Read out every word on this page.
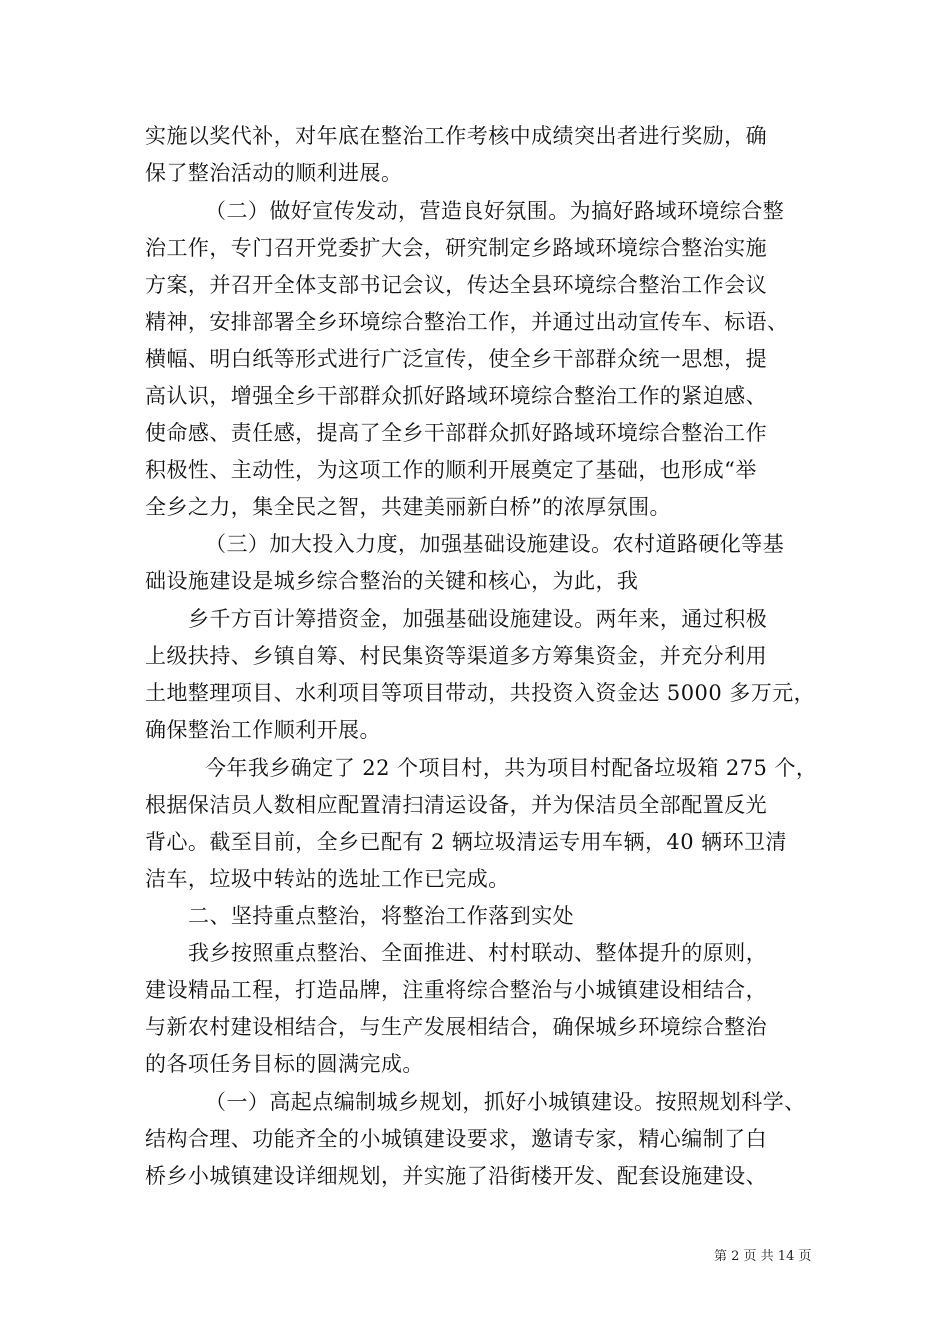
实施以奖代补，对年底在整治工作考核中成绩突出者进行奖励，确
保了整治活动的顺利进展。
（二）做好宣传发动，营造良好氛围。为搞好路域环境综合整
治工作，专门召开党委扩大会，研究制定乡路域环境综合整治实施
方案，并召开全体支部书记会议，传达全县环境综合整治工作会议
精神，安排部署全乡环境综合整治工作，并通过出动宣传车、标语、
横幅、明白纸等形式进行广泛宣传，使全乡干部群众统一思想，提
高认识，增强全乡干部群众抓好路域环境综合整治工作的紧迫感、
使命感、责任感，提高了全乡干部群众抓好路域环境综合整治工作
积极性、主动性，为这项工作的顺利开展奠定了基础，也形成“举
全乡之力，集全民之智，共建美丽新白桥”的浓厚氛围。
（三）加大投入力度，加强基础设施建设。农村道路硬化等基
础设施建设是城乡综合整治的关键和核心，为此，我
乡千方百计筹措资金，加强基础设施建设。两年来，通过积极
上级扶持、乡镇自筹、村民集资等渠道多方筹集资金，并充分利用
土地整理项目、水利项目等项目带动，共投资入资金达 5000 多万元，
确保整治工作顺利开展。
今年我乡确定了 22 个项目村，共为项目村配备垃圾箱 275 个，
根据保洁员人数相应配置清扫清运设备，并为保洁员全部配置反光
背心。截至目前，全乡已配有 2 辆垃圾清运专用车辆，40 辆环卫清
洁车，垃圾中转站的选址工作已完成。
二、坚持重点整治，将整治工作落到实处
我乡按照重点整治、全面推进、村村联动、整体提升的原则，
建设精品工程，打造品牌，注重将综合整治与小城镇建设相结合，
与新农村建设相结合，与生产发展相结合，确保城乡环境综合整治
的各项任务目标的圆满完成。
（一）高起点编制城乡规划，抓好小城镇建设。按照规划科学、
结构合理、功能齐全的小城镇建设要求，邀请专家，精心编制了白
桥乡小城镇建设详细规划，并实施了沿街楼开发、配套设施建设、
第 2 页 共 14 页
